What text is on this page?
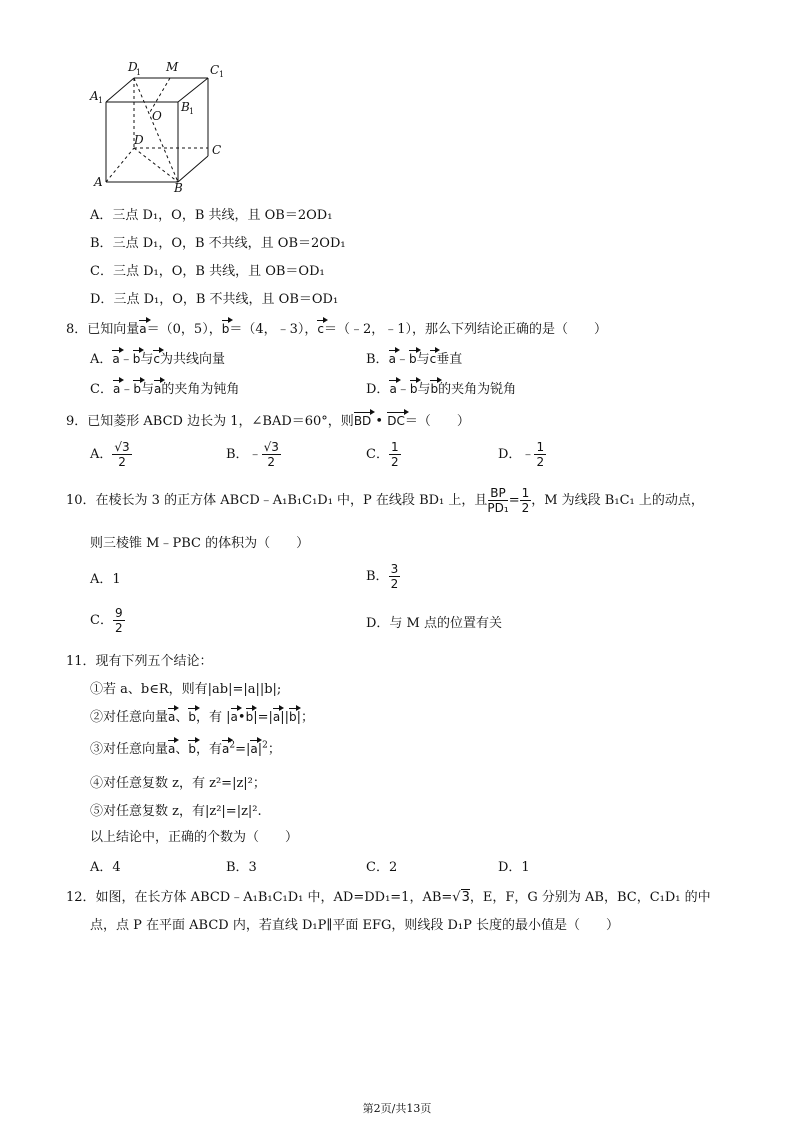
D
1 M	C 1
A 1	B 1
O
D
C
A	B
A．三点 D₁，O，B 共线，且 OB＝2OD₁
B．三点 D₁，O，B 不共线，且 OB＝2OD₁
C．三点 D₁，O，B 共线，且 OB＝OD₁
D．三点 D₁，O，B 不共线，且 OB＝OD₁
8．已知向量a＝（0，5），b＝（4，﹣3），c＝（﹣2，﹣1），那么下列结论正确的是（　　）
A．a﹣b与c为共线向量	B．a﹣b与c垂直
C．a﹣b与a的夹角为钝角	D．a﹣b与b的夹角为锐角
9．已知菱形 ABCD 边长为 1，∠BAD＝60°，则BD • DC＝（　　）
A． $\frac{√3}{2}$	B．﹣ $\frac{√3}{2}$	C． $\frac{1}{2}$	D．﹣ $\frac{1}{2}$
10．在棱长为 3 的正方体 ABCD﹣A₁B₁C₁D₁ 中，P 在线段 BD₁ 上，且 $\frac{BP}{\text{PD₁}} = \frac{1}{2}$ ，M 为线段 B₁C₁ 上的动点，
则三棱锥 M﹣PBC 的体积为（　　）
A．1	B． $\frac{3}{2}$
C． $\frac{9}{2}$	D．与 M 点的位置有关
11．现有下列五个结论：
①若 a、b∈R，则有|ab|=|a||b|;
②对任意向量a、b，有 |a•b|=|a||b|；
③对任意向量a、b，有$a^2=|a|^2$；
④对任意复数 z，有 z²=|z|²；
⑤对任意复数 z，有|z²|=|z|².
以上结论中，正确的个数为（　　）
A．4	B．3	C．2	D．1
12．如图，在长方体 ABCD﹣A₁B₁C₁D₁ 中，AD=DD₁=1，AB=√3，E，F，G 分别为 AB，BC，C₁D₁ 的中
点，点 P 在平面 ABCD 内，若直线 D₁P∥平面 EFG，则线段 D₁P 长度的最小值是（　　）
第2页/共13页
